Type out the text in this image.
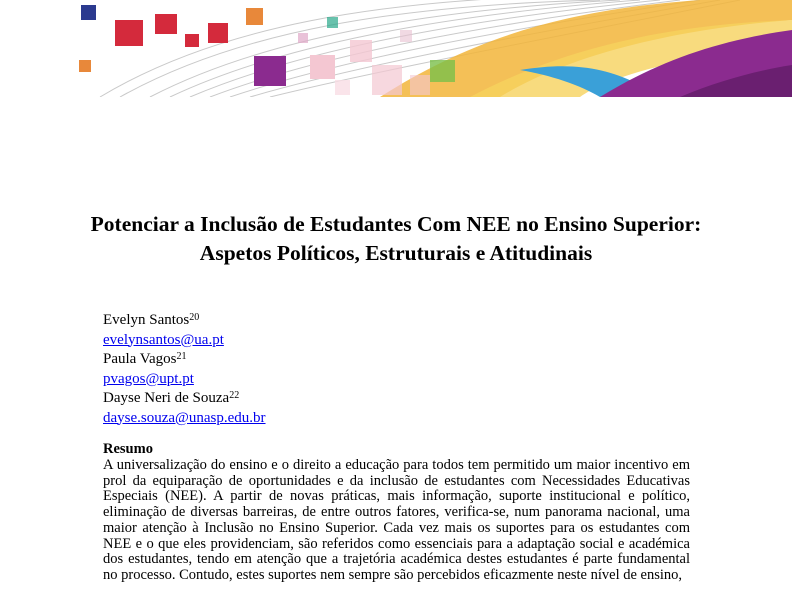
Potenciar a Inclusão de Estudantes Com NEE no Ensino Superior: Aspetos Políticos, Estruturais e Atitudinais
Evelyn Santos$^{20}$
evelynsantos@ua.pt
Paula Vagos$^{21}$
pvagos@upt.pt
Dayse Neri de Souza$^{22}$
dayse.souza@unasp.edu.br
Resumo

A universalização do ensino e o direito a educação para todos tem permitido um maior incentivo em prol da equiparação de oportunidades e da inclusão de estudantes com Necessidades Educativas Especiais (NEE). A partir de novas práticas, mais informação, suporte institucional e político, eliminação de diversas barreiras, de entre outros fatores, verifica-se, num panorama nacional, uma maior atenção à Inclusão no Ensino Superior. Cada vez mais os suportes para os estudantes com NEE e o que eles providenciam, são referidos como essenciais para a adaptação social e académica dos estudantes, tendo em atenção que a trajetória académica destes estudantes é parte fundamental no processo. Contudo, estes suportes nem sempre são percebidos eficazmente neste nível de ensino,
